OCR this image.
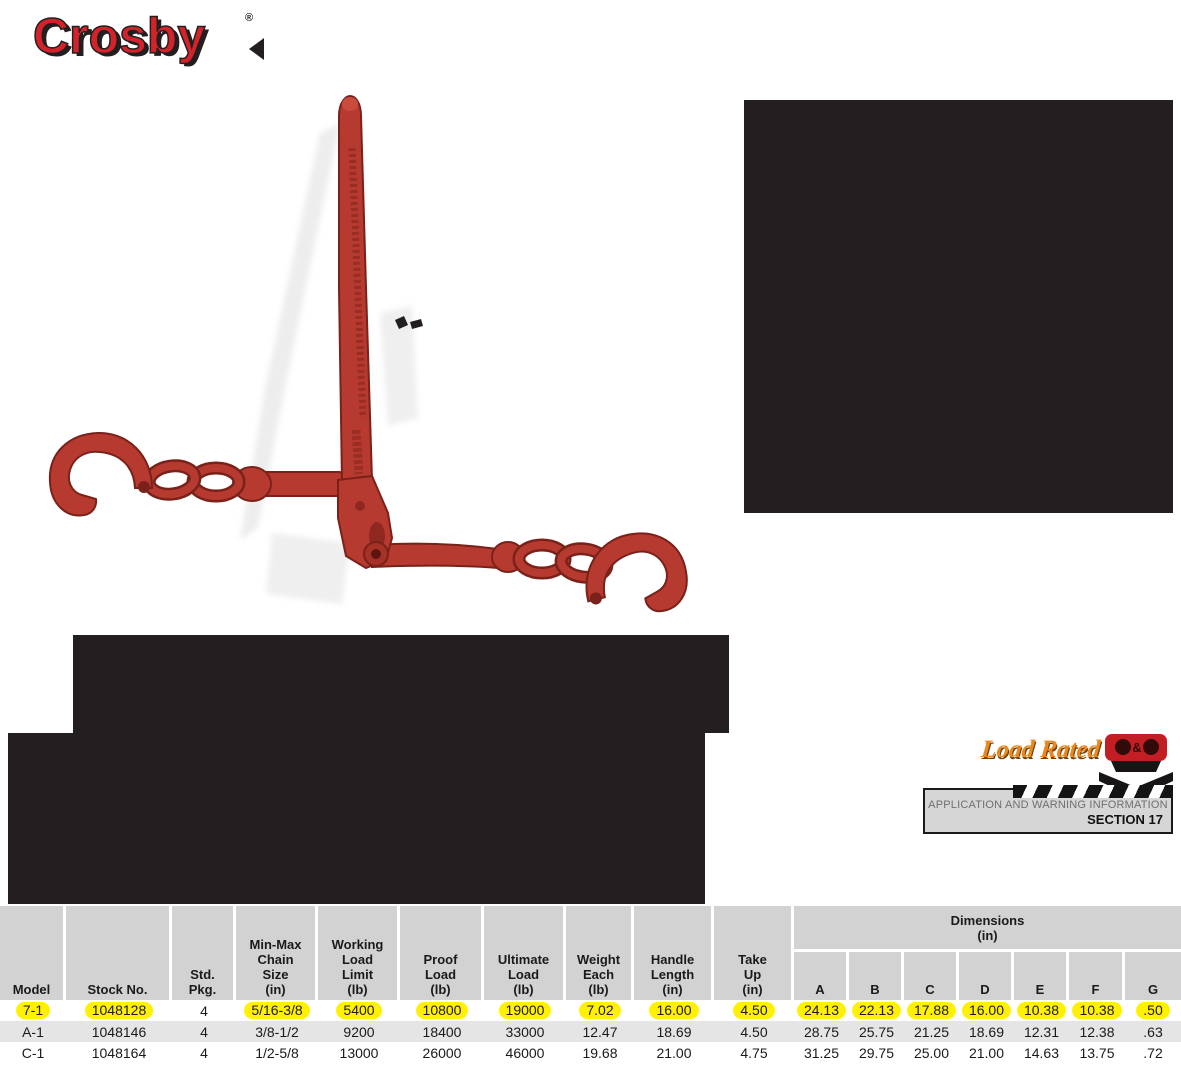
Crosby	®
Load Rated	&
APPLICATION AND WARNING INFORMATION
SECTION 17
Model	Stock No.
Std.
Pkg.
Min-Max
Chain
Size
(in)
Working
Load
Limit
(lb)
Proof
Load
(lb)
Ultimate
Load
(lb)
Weight
Each
(lb)
Handle
Length
(in)
Take
Up
(in)
Dimensions
(in)
A	B	C	D	E	F	G
7-1	1048128	4	5/16-3/8	5400	10800	19000	7.02	16.00	4.50	24.13	22.13	17.88	16.00	10.38	10.38	.50
A-1	1048146	4	3/8-1/2	9200	18400	33000	12.47	18.69	4.50	28.75	25.75	21.25	18.69	12.31	12.38	.63
C-1	1048164	4	1/2-5/8	13000	26000	46000	19.68	21.00	4.75	31.25	29.75	25.00	21.00	14.63	13.75	.72
